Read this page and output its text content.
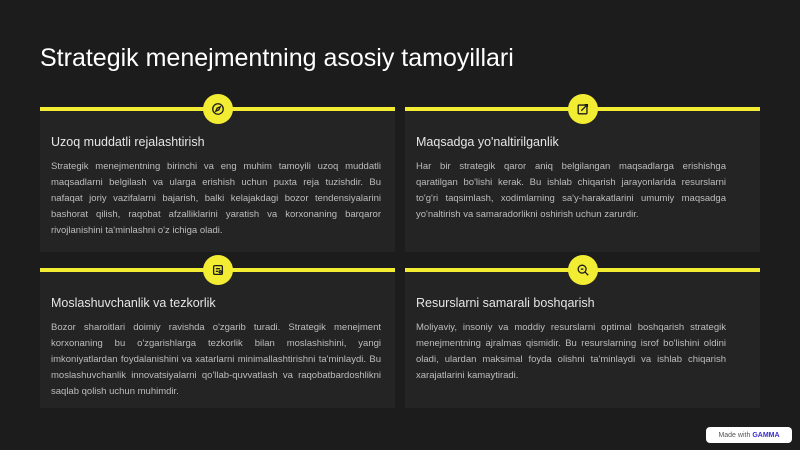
Strategik menejmentning asosiy tamoyillari
Uzoq muddatli rejalashtirish
Strategik menejmentning birinchi va eng muhim tamoyili uzoq muddatli maqsadlarni belgilash va ularga erishish uchun puxta reja tuzishdir. Bu nafaqat joriy vazifalarni bajarish, balki kelajakdagi bozor tendensiyalarini bashorat qilish, raqobat afzalliklarini yaratish va korxonaning barqaror rivojlanishini ta'minlashni o'z ichiga oladi.
Maqsadga yo'naltirilganlik
Har bir strategik qaror aniq belgilangan maqsadlarga erishishga qaratilgan bo'lishi kerak. Bu ishlab chiqarish jarayonlarida resurslarni to'g'ri taqsimlash, xodimlarning sa'y-harakatlarini umumiy maqsadga yo'naltirish va samaradorlikni oshirish uchun zarurdir.
Moslashuvchanlik va tezkorlik
Bozor sharoitlari doimiy ravishda o'zgarib turadi. Strategik menejment korxonaning bu o'zgarishlarga tezkorlik bilan moslashishini, yangi imkoniyatlardan foydalanishini va xatarlarni minimallashtirishni ta'minlaydi. Bu moslashuvchanlik innovatsiyalarni qo'llab-quvvatlash va raqobatbardoshlikni saqlab qolish uchun muhimdir.
Resurslarni samarali boshqarish
Moliyaviy, insoniy va moddiy resurslarni optimal boshqarish strategik menejmentning ajralmas qismidir. Bu resurslarning isrof bo'lishini oldini oladi, ulardan maksimal foyda olishni ta'minlaydi va ishlab chiqarish xarajatlarini kamaytiradi.
Made with GAMMA
